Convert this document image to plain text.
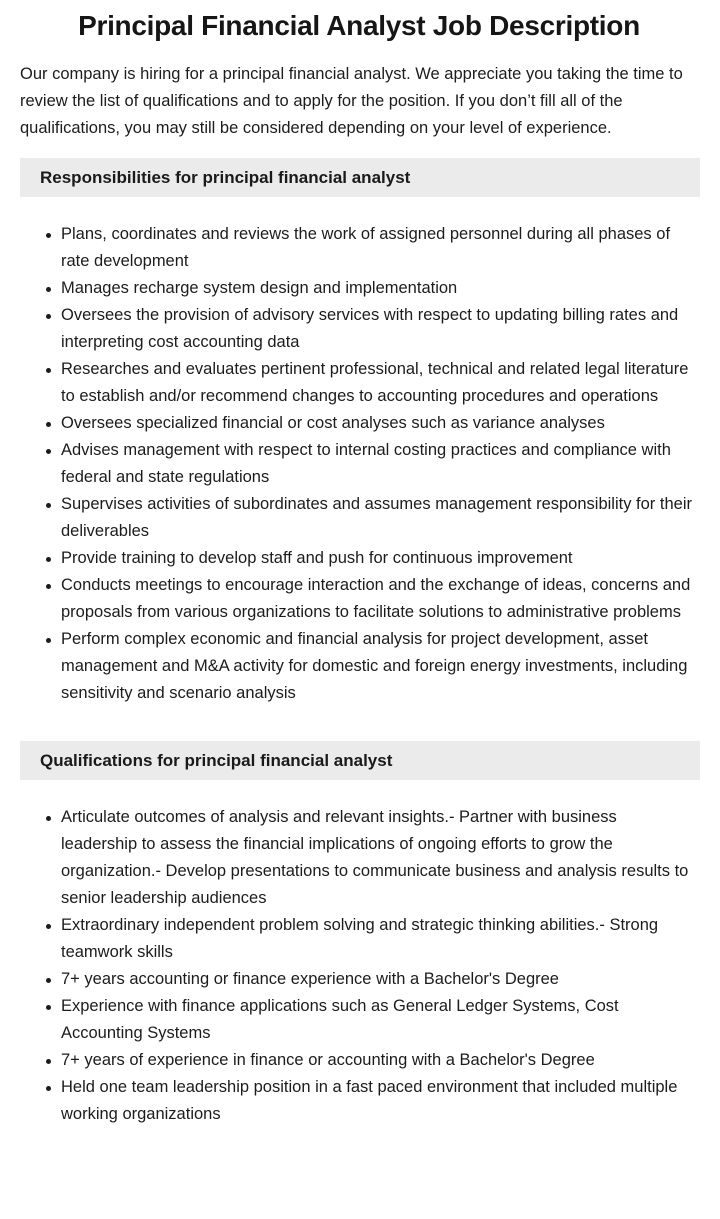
Principal Financial Analyst Job Description

Our company is hiring for a principal financial analyst. We appreciate you taking the time to review the list of qualifications and to apply for the position. If you don’t fill all of the qualifications, you may still be considered depending on your level of experience.

Responsibilities for principal financial analyst
Plans, coordinates and reviews the work of assigned personnel during all phases of rate development
Manages recharge system design and implementation
Oversees the provision of advisory services with respect to updating billing rates and interpreting cost accounting data
Researches and evaluates pertinent professional, technical and related legal literature to establish and/or recommend changes to accounting procedures and operations
Oversees specialized financial or cost analyses such as variance analyses
Advises management with respect to internal costing practices and compliance with federal and state regulations
Supervises activities of subordinates and assumes management responsibility for their deliverables
Provide training to develop staff and push for continuous improvement
Conducts meetings to encourage interaction and the exchange of ideas, concerns and proposals from various organizations to facilitate solutions to administrative problems
Perform complex economic and financial analysis for project development, asset management and M&A activity for domestic and foreign energy investments, including sensitivity and scenario analysis
Qualifications for principal financial analyst
Articulate outcomes of analysis and relevant insights.- Partner with business leadership to assess the financial implications of ongoing efforts to grow the organization.- Develop presentations to communicate business and analysis results to senior leadership audiences
Extraordinary independent problem solving and strategic thinking abilities.- Strong teamwork skills
7+ years accounting or finance experience with a Bachelor's Degree
Experience with finance applications such as General Ledger Systems, Cost Accounting Systems
7+ years of experience in finance or accounting with a Bachelor's Degree
Held one team leadership position in a fast paced environment that included multiple working organizations
